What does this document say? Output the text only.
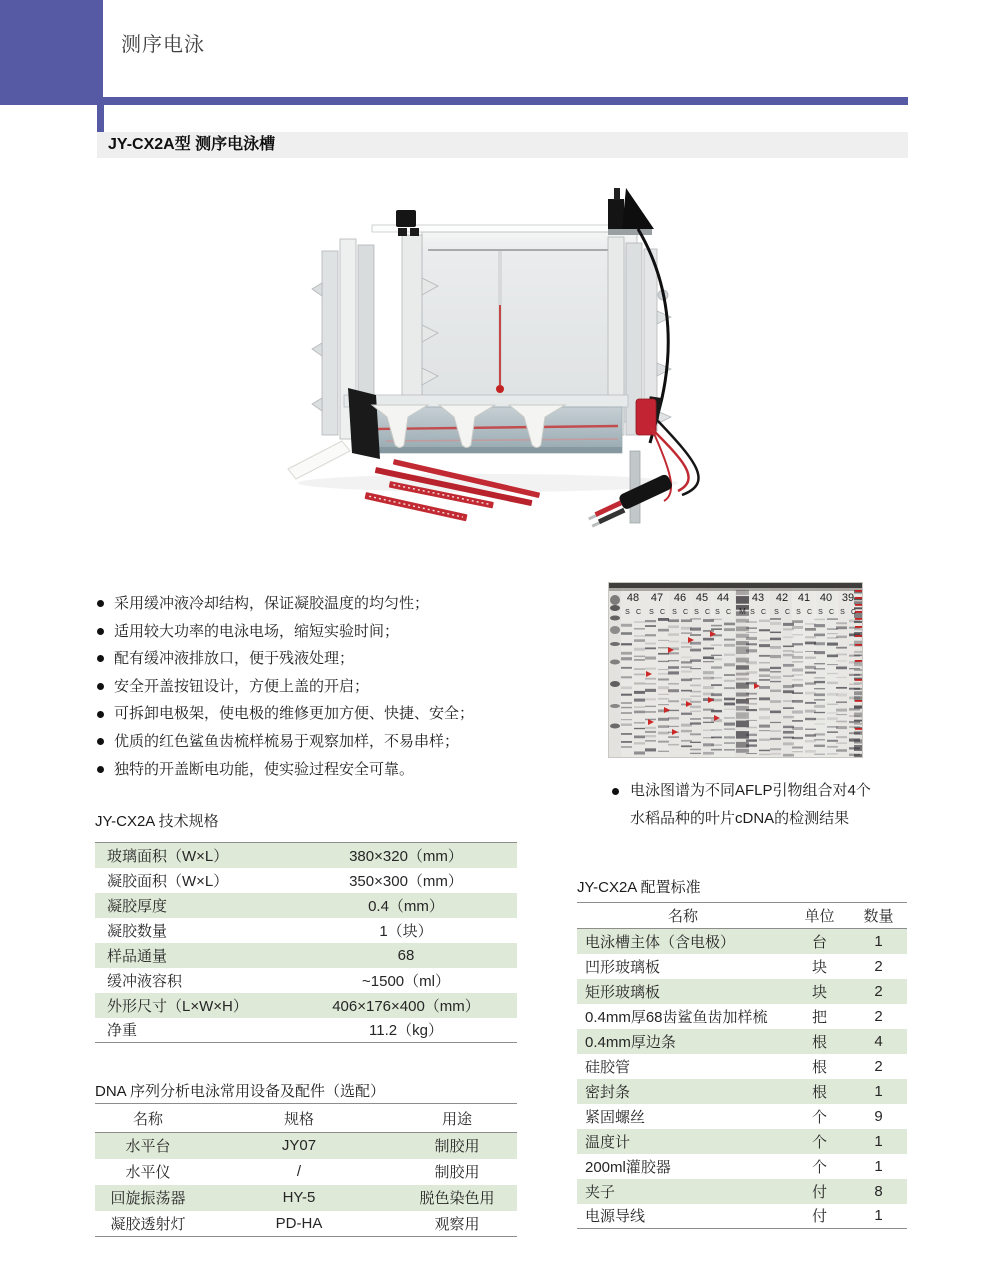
测序电泳
JY-CX2A型 测序电泳槽
采用缓冲液冷却结构，保证凝胶温度的均匀性；
适用较大功率的电泳电场，缩短实验时间；
配有缓冲液排放口，便于残液处理；
安全开盖按钮设计，方便上盖的开启；
可拆卸电极架，使电极的维修更加方便、快捷、安全；
优质的红色鲨鱼齿梳样梳易于观察加样，不易串样；
独特的开盖断电功能，使实验过程安全可靠。
48 47 46 45 44 43 42 41 40 39
S C S C S C S C S C	S C S C S C S C S C
M

电泳图谱为不同AFLP引物组合对4个

水稻品种的叶片cDNA的检测结果

JY-CX2A 技术规格
玻璃面积（W×L）	380×320（mm）
凝胶面积（W×L）	350×300（mm）
凝胶厚度	0.4（mm）
凝胶数量	1（块）
样品通量	68
缓冲液容积	~1500（ml）
外形尺寸（L×W×H）	406×176×400（mm）
净重	11.2（kg）
DNA 序列分析电泳常用设备及配件（选配）
名称	规格	用途
水平台	JY07	制胶用
水平仪	/	制胶用
回旋振荡器	HY-5	脱色染色用
凝胶透射灯	PD-HA	观察用
JY-CX2A 配置标准
名称	单位	数量
电泳槽主体（含电极）	台	1
凹形玻璃板	块	2
矩形玻璃板	块	2
0.4mm厚68齿鲨鱼齿加样梳	把	2
0.4mm厚边条	根	4
硅胶管	根	2
密封条	根	1
紧固螺丝	个	9
温度计	个	1
200ml灌胶器	个	1
夹子	付	8
电源导线	付	1
